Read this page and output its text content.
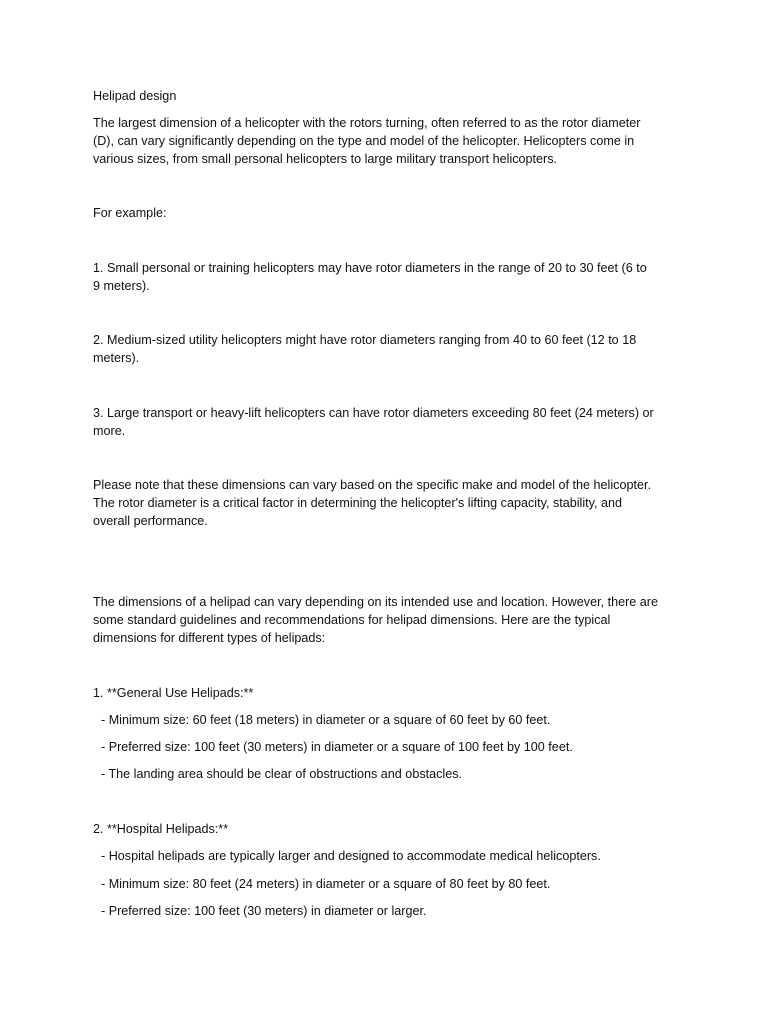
Helipad design
The largest dimension of a helicopter with the rotors turning, often referred to as the rotor diameter
(D), can vary significantly depending on the type and model of the helicopter. Helicopters come in
various sizes, from small personal helicopters to large military transport helicopters.
For example:
1. Small personal or training helicopters may have rotor diameters in the range of 20 to 30 feet (6 to
9 meters).
2. Medium-sized utility helicopters might have rotor diameters ranging from 40 to 60 feet (12 to 18
meters).
3. Large transport or heavy-lift helicopters can have rotor diameters exceeding 80 feet (24 meters) or
more.
Please note that these dimensions can vary based on the specific make and model of the helicopter.
The rotor diameter is a critical factor in determining the helicopter's lifting capacity, stability, and
overall performance.
The dimensions of a helipad can vary depending on its intended use and location. However, there are
some standard guidelines and recommendations for helipad dimensions. Here are the typical
dimensions for different types of helipads:
1. **General Use Helipads:**
- Minimum size: 60 feet (18 meters) in diameter or a square of 60 feet by 60 feet.
- Preferred size: 100 feet (30 meters) in diameter or a square of 100 feet by 100 feet.
- The landing area should be clear of obstructions and obstacles.
2. **Hospital Helipads:**
- Hospital helipads are typically larger and designed to accommodate medical helicopters.
- Minimum size: 80 feet (24 meters) in diameter or a square of 80 feet by 80 feet.
- Preferred size: 100 feet (30 meters) in diameter or larger.
